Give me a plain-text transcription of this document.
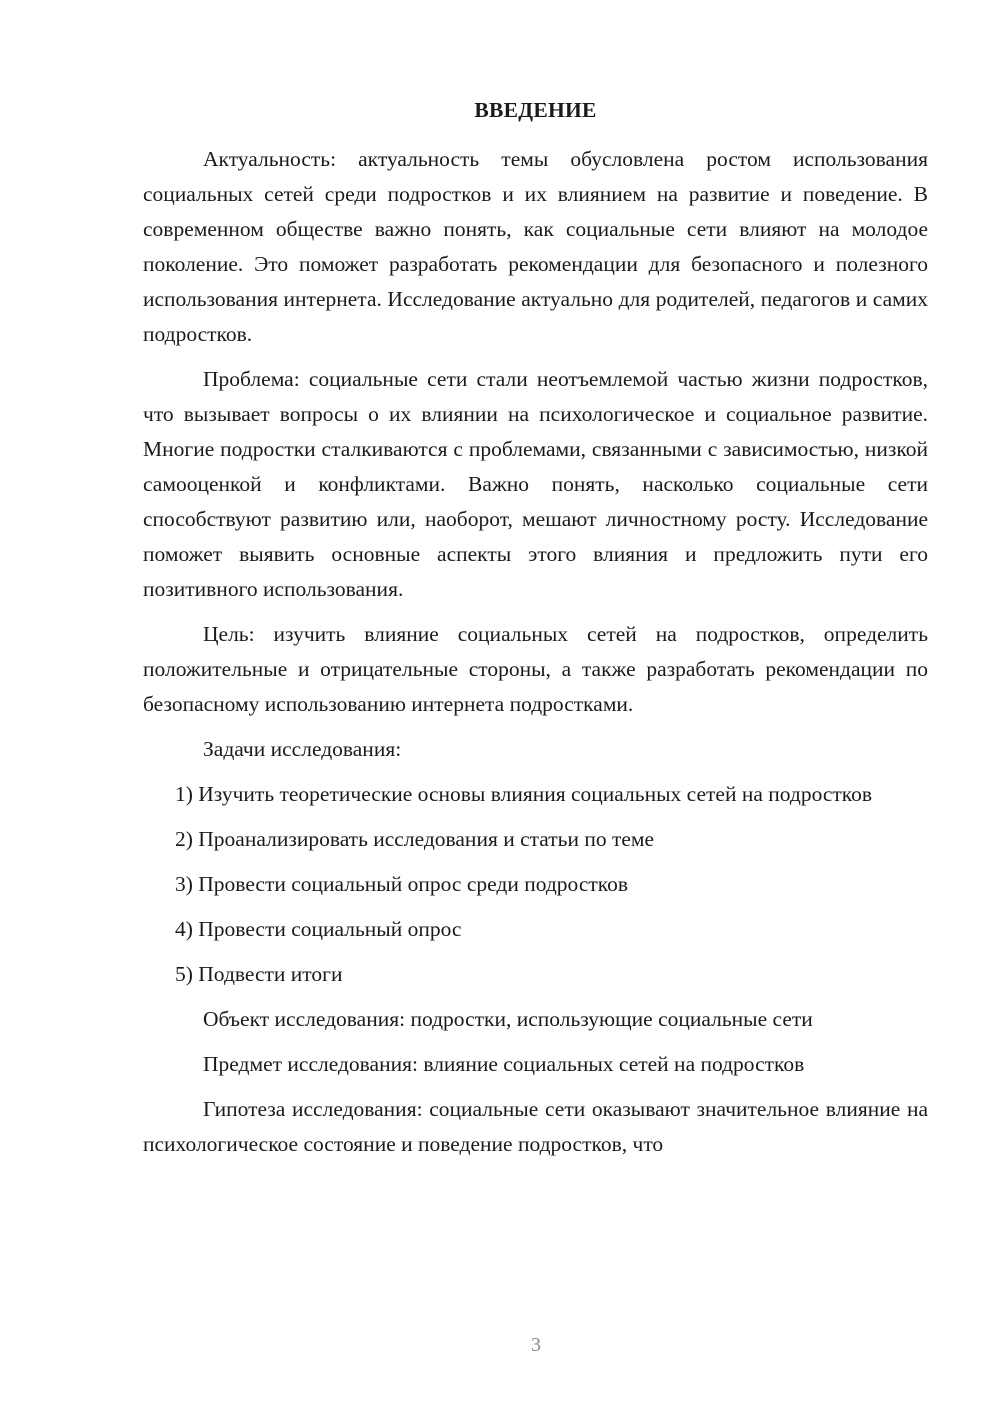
ВВЕДЕНИЕ

Актуальность: актуальность темы обусловлена ростом использования социальных сетей среди подростков и их влиянием на развитие и поведение. В современном обществе важно понять, как социальные сети влияют на молодое поколение. Это поможет разработать рекомендации для безопасного и полезного использования интернета. Исследование актуально для родителей, педагогов и самих подростков.

Проблема: социальные сети стали неотъемлемой частью жизни подростков, что вызывает вопросы о их влиянии на психологическое и социальное развитие. Многие подростки сталкиваются с проблемами, связанными с зависимостью, низкой самооценкой и конфликтами. Важно понять, насколько социальные сети способствуют развитию или, наоборот, мешают личностному росту. Исследование поможет выявить основные аспекты этого влияния и предложить пути его позитивного использования.

Цель: изучить влияние социальных сетей на подростков, определить положительные и отрицательные стороны, а также разработать рекомендации по безопасному использованию интернета подростками.

Задачи исследования:

1) Изучить теоретические основы влияния социальных сетей на подростков

2) Проанализировать исследования и статьи по теме

3) Провести социальный опрос среди подростков

4) Провести социальный опрос

5) Подвести итоги

Объект исследования: подростки, использующие социальные сети

Предмет исследования: влияние социальных сетей на подростков

Гипотеза исследования: социальные сети оказывают значительное влияние на психологическое состояние и поведение подростков, что

3
